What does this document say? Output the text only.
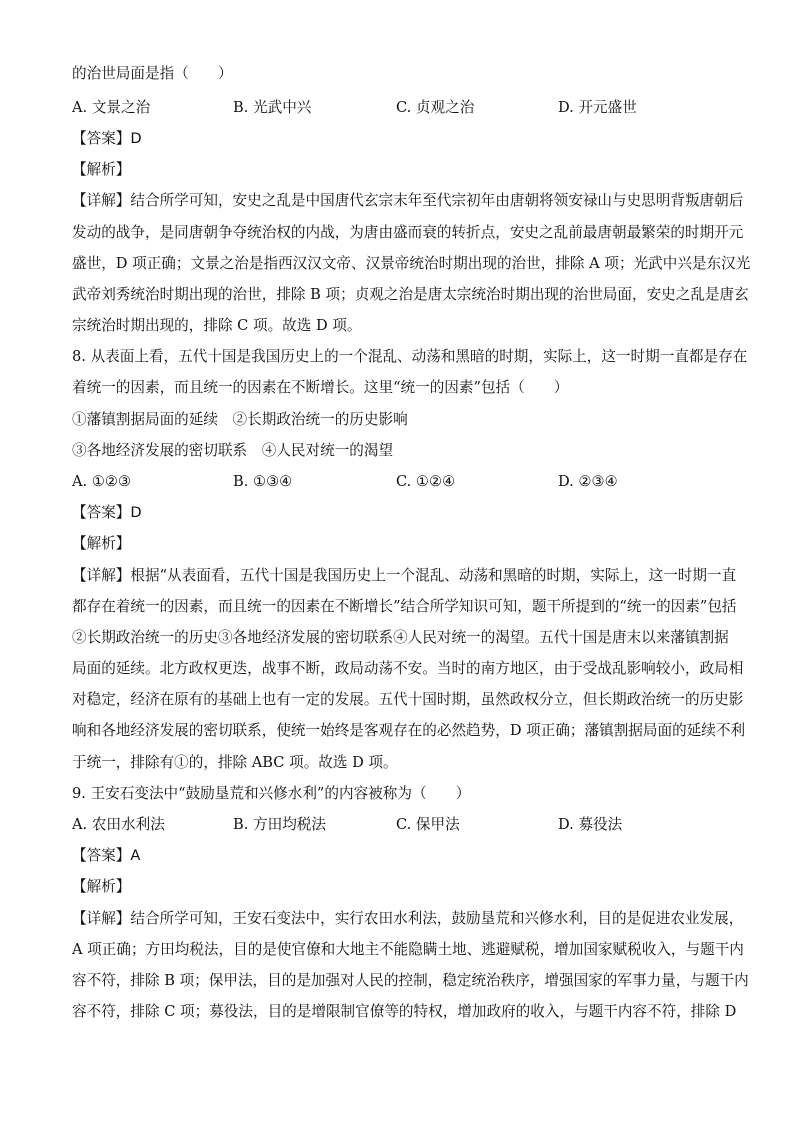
的治世局面是指（　　）
A. 文景之治	B. 光武中兴	C. 贞观之治	D. 开元盛世
【答案】D
【解析】
【详解】结合所学可知，安史之乱是中国唐代玄宗末年至代宗初年由唐朝将领安禄山与史思明背叛唐朝后
发动的战争，是同唐朝争夺统治权的内战，为唐由盛而衰的转折点，安史之乱前最唐朝最繁荣的时期开元
盛世，D 项正确；文景之治是指西汉汉文帝、汉景帝统治时期出现的治世，排除 A 项；光武中兴是东汉光
武帝刘秀统治时期出现的治世，排除 B 项；贞观之治是唐太宗统治时期出现的治世局面，安史之乱是唐玄
宗统治时期出现的，排除 C 项。故选 D 项。
8. 从表面上看，五代十国是我国历史上的一个混乱、动荡和黑暗的时期，实际上，这一时期一直都是存在
着统一的因素，而且统一的因素在不断增长。这里“统一的因素”包括（　　）
①藩镇割据局面的延续　②长期政治统一的历史影响
③各地经济发展的密切联系　④人民对统一的渴望
A. ①②③	B. ①③④	C. ①②④	D. ②③④
【答案】D
【解析】
【详解】根据“从表面看，五代十国是我国历史上一个混乱、动荡和黑暗的时期，实际上，这一时期一直
都存在着统一的因素，而且统一的因素在不断增长”结合所学知识可知，题干所提到的“统一的因素”包括
②长期政治统一的历史③各地经济发展的密切联系④人民对统一的渴望。五代十国是唐末以来藩镇割据
局面的延续。北方政权更迭，战事不断，政局动荡不安。当时的南方地区，由于受战乱影响较小，政局相
对稳定，经济在原有的基础上也有一定的发展。五代十国时期，虽然政权分立，但长期政治统一的历史影
响和各地经济发展的密切联系，使统一始终是客观存在的必然趋势，D 项正确；藩镇割据局面的延续不利
于统一，排除有①的，排除 ABC 项。故选 D 项。
9. 王安石变法中“鼓励垦荒和兴修水利”的内容被称为（　　）
A. 农田水利法	B. 方田均税法	C. 保甲法	D. 募役法
【答案】A
【解析】
【详解】结合所学可知，王安石变法中，实行农田水利法，鼓励垦荒和兴修水利，目的是促进农业发展，
A 项正确；方田均税法，目的是使官僚和大地主不能隐瞒土地、逃避赋税，增加国家赋税收入，与题干内
容不符，排除 B 项；保甲法，目的是加强对人民的控制，稳定统治秩序，增强国家的军事力量，与题干内
容不符，排除 C 项；募役法，目的是增限制官僚等的特权，增加政府的收入，与题干内容不符，排除 D
